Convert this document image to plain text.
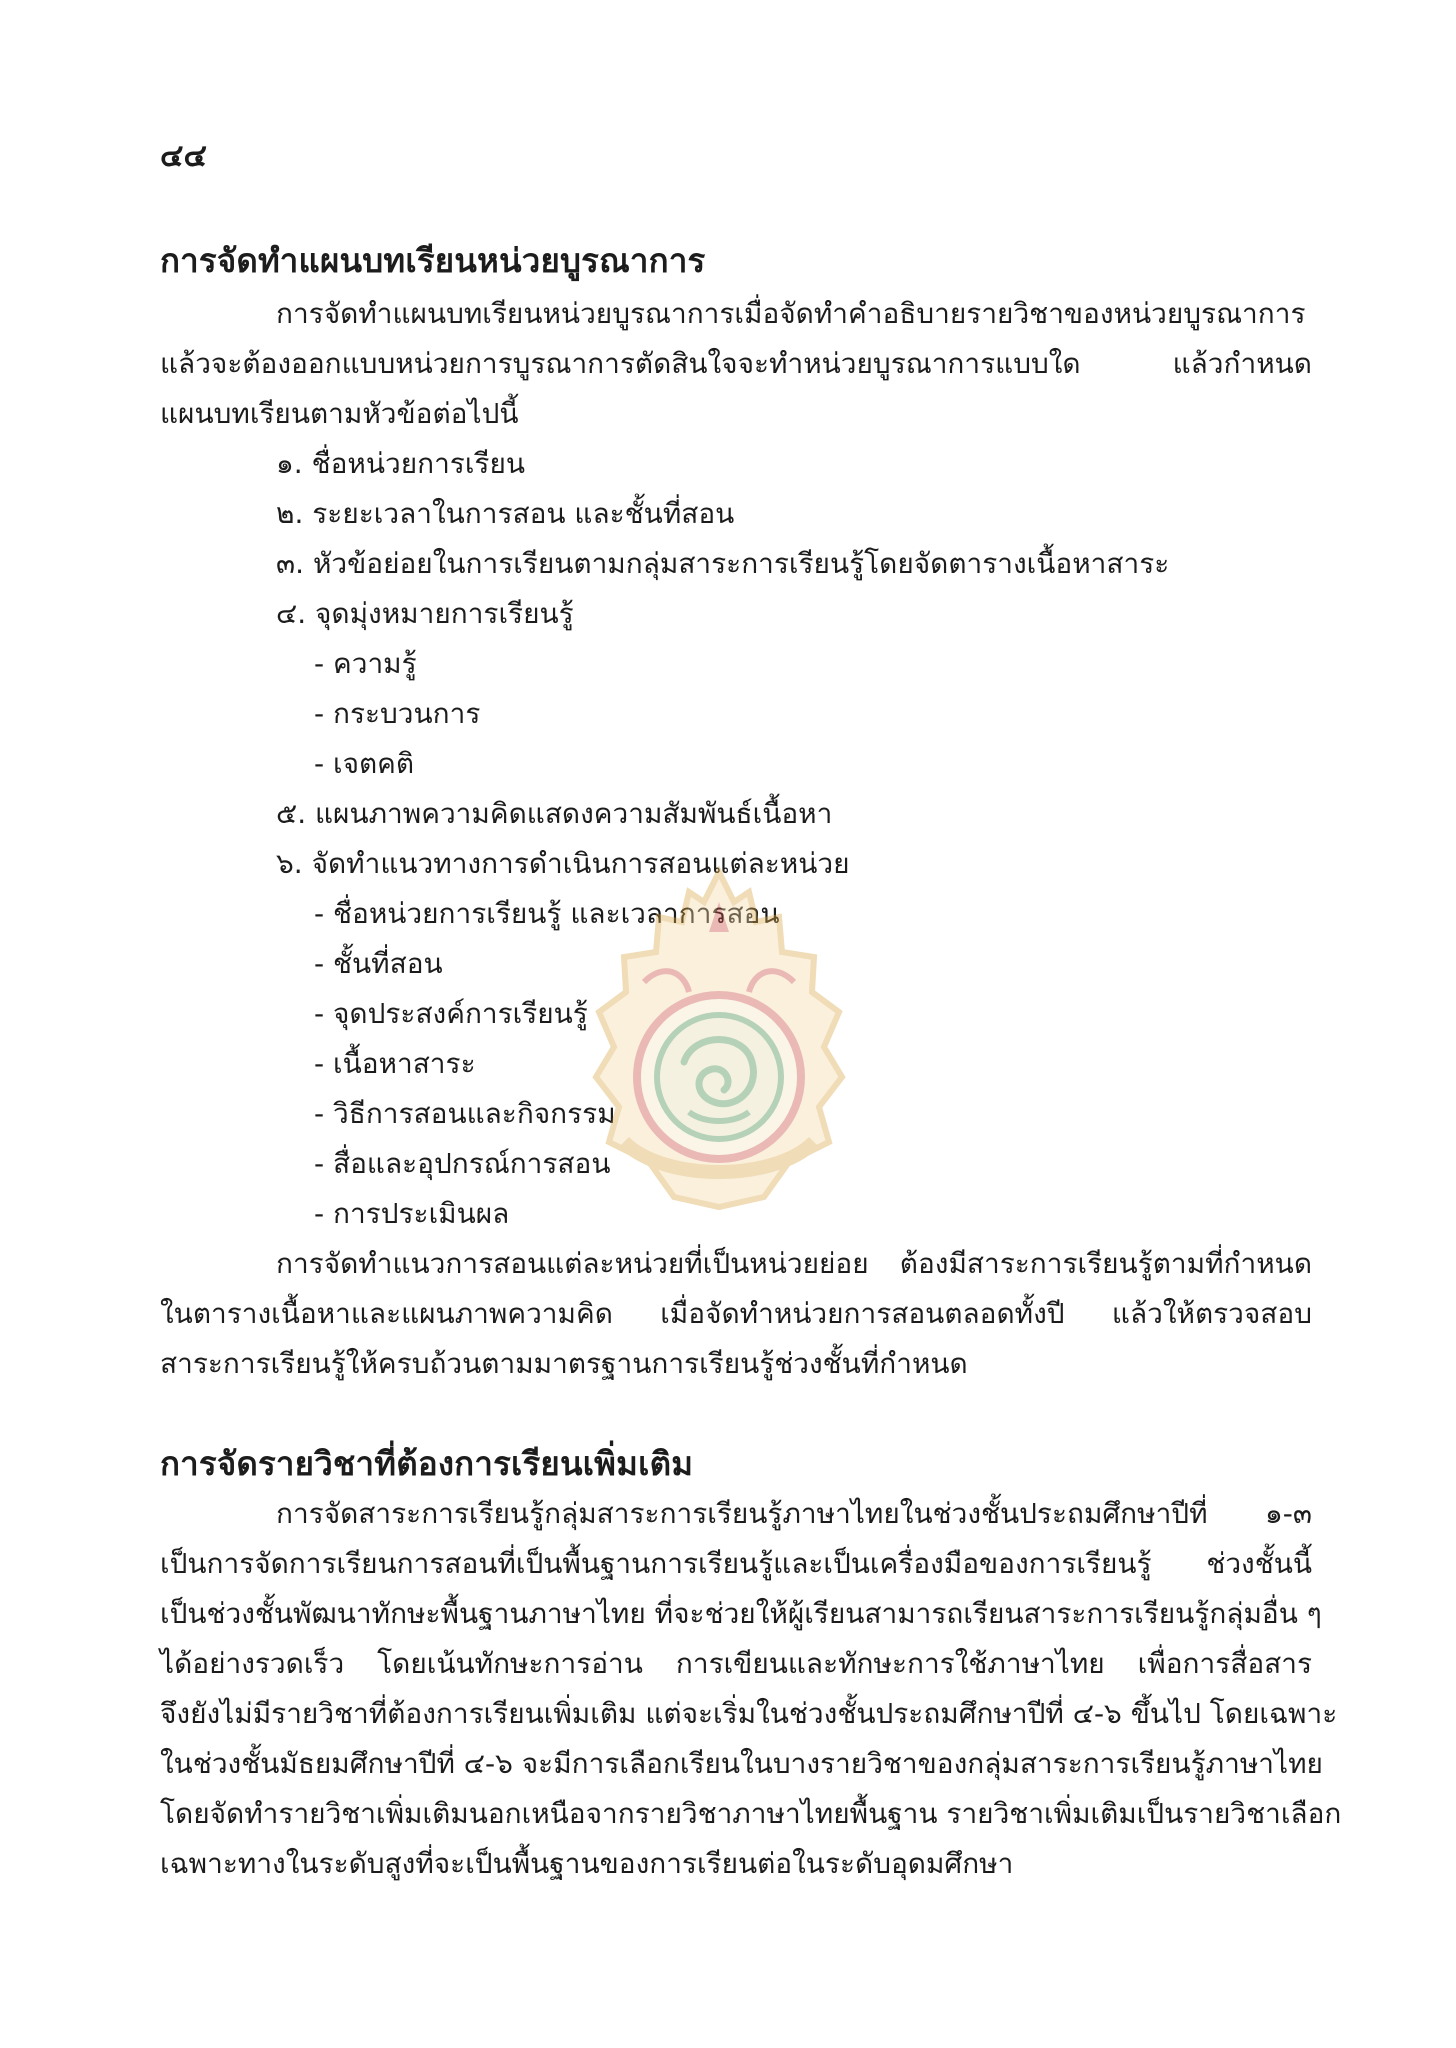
๔๔
การจัดทำแผนบทเรียนหน่วยบูรณาการ
การจัดทำแผนบทเรียนหน่วยบูรณาการเมื่อจัดทำคำอธิบายรายวิชาของหน่วยบูรณาการ
แล้วจะต้องออกแบบหน่วยการบูรณาการตัดสินใจจะทำหน่วยบูรณาการแบบใด แล้วกำหนด
แผนบทเรียนตามหัวข้อต่อไปนี้
๑. ชื่อหน่วยการเรียน
๒. ระยะเวลาในการสอน และชั้นที่สอน
๓. หัวข้อย่อยในการเรียนตามกลุ่มสาระการเรียนรู้โดยจัดตารางเนื้อหาสาระ
๔. จุดมุ่งหมายการเรียนรู้
- ความรู้
- กระบวนการ
- เจตคติ
๕. แผนภาพความคิดแสดงความสัมพันธ์เนื้อหา
๖. จัดทำแนวทางการดำเนินการสอนแต่ละหน่วย
- ชื่อหน่วยการเรียนรู้ และเวลาการสอน
- ชั้นที่สอน
- จุดประสงค์การเรียนรู้
- เนื้อหาสาระ
- วิธีการสอนและกิจกรรม
- สื่อและอุปกรณ์การสอน
- การประเมินผล
การจัดทำแนวการสอนแต่ละหน่วยที่เป็นหน่วยย่อย ต้องมีสาระการเรียนรู้ตามที่กำหนด
ในตารางเนื้อหาและแผนภาพความคิด เมื่อจัดทำหน่วยการสอนตลอดทั้งปี แล้วให้ตรวจสอบ
สาระการเรียนรู้ให้ครบถ้วนตามมาตรฐานการเรียนรู้ช่วงชั้นที่กำหนด
การจัดรายวิชาที่ต้องการเรียนเพิ่มเติม
การจัดสาระการเรียนรู้กลุ่มสาระการเรียนรู้ภาษาไทยในช่วงชั้นประถมศึกษาปีที่ ๑-๓
เป็นการจัดการเรียนการสอนที่เป็นพื้นฐานการเรียนรู้และเป็นเครื่องมือของการเรียนรู้ ช่วงชั้นนี้
เป็นช่วงชั้นพัฒนาทักษะพื้นฐานภาษาไทย ที่จะช่วยให้ผู้เรียนสามารถเรียนสาระการเรียนรู้กลุ่มอื่น ๆ
ได้อย่างรวดเร็ว โดยเน้นทักษะการอ่าน การเขียนและทักษะการใช้ภาษาไทย เพื่อการสื่อสาร
จึงยังไม่มีรายวิชาที่ต้องการเรียนเพิ่มเติม แต่จะเริ่มในช่วงชั้นประถมศึกษาปีที่ ๔-๖ ขึ้นไป โดยเฉพาะ
ในช่วงชั้นมัธยมศึกษาปีที่ ๔-๖ จะมีการเลือกเรียนในบางรายวิชาของกลุ่มสาระการเรียนรู้ภาษาไทย
โดยจัดทำรายวิชาเพิ่มเติมนอกเหนือจากรายวิชาภาษาไทยพื้นฐาน รายวิชาเพิ่มเติมเป็นรายวิชาเลือก
เฉพาะทางในระดับสูงที่จะเป็นพื้นฐานของการเรียนต่อในระดับอุดมศึกษา
